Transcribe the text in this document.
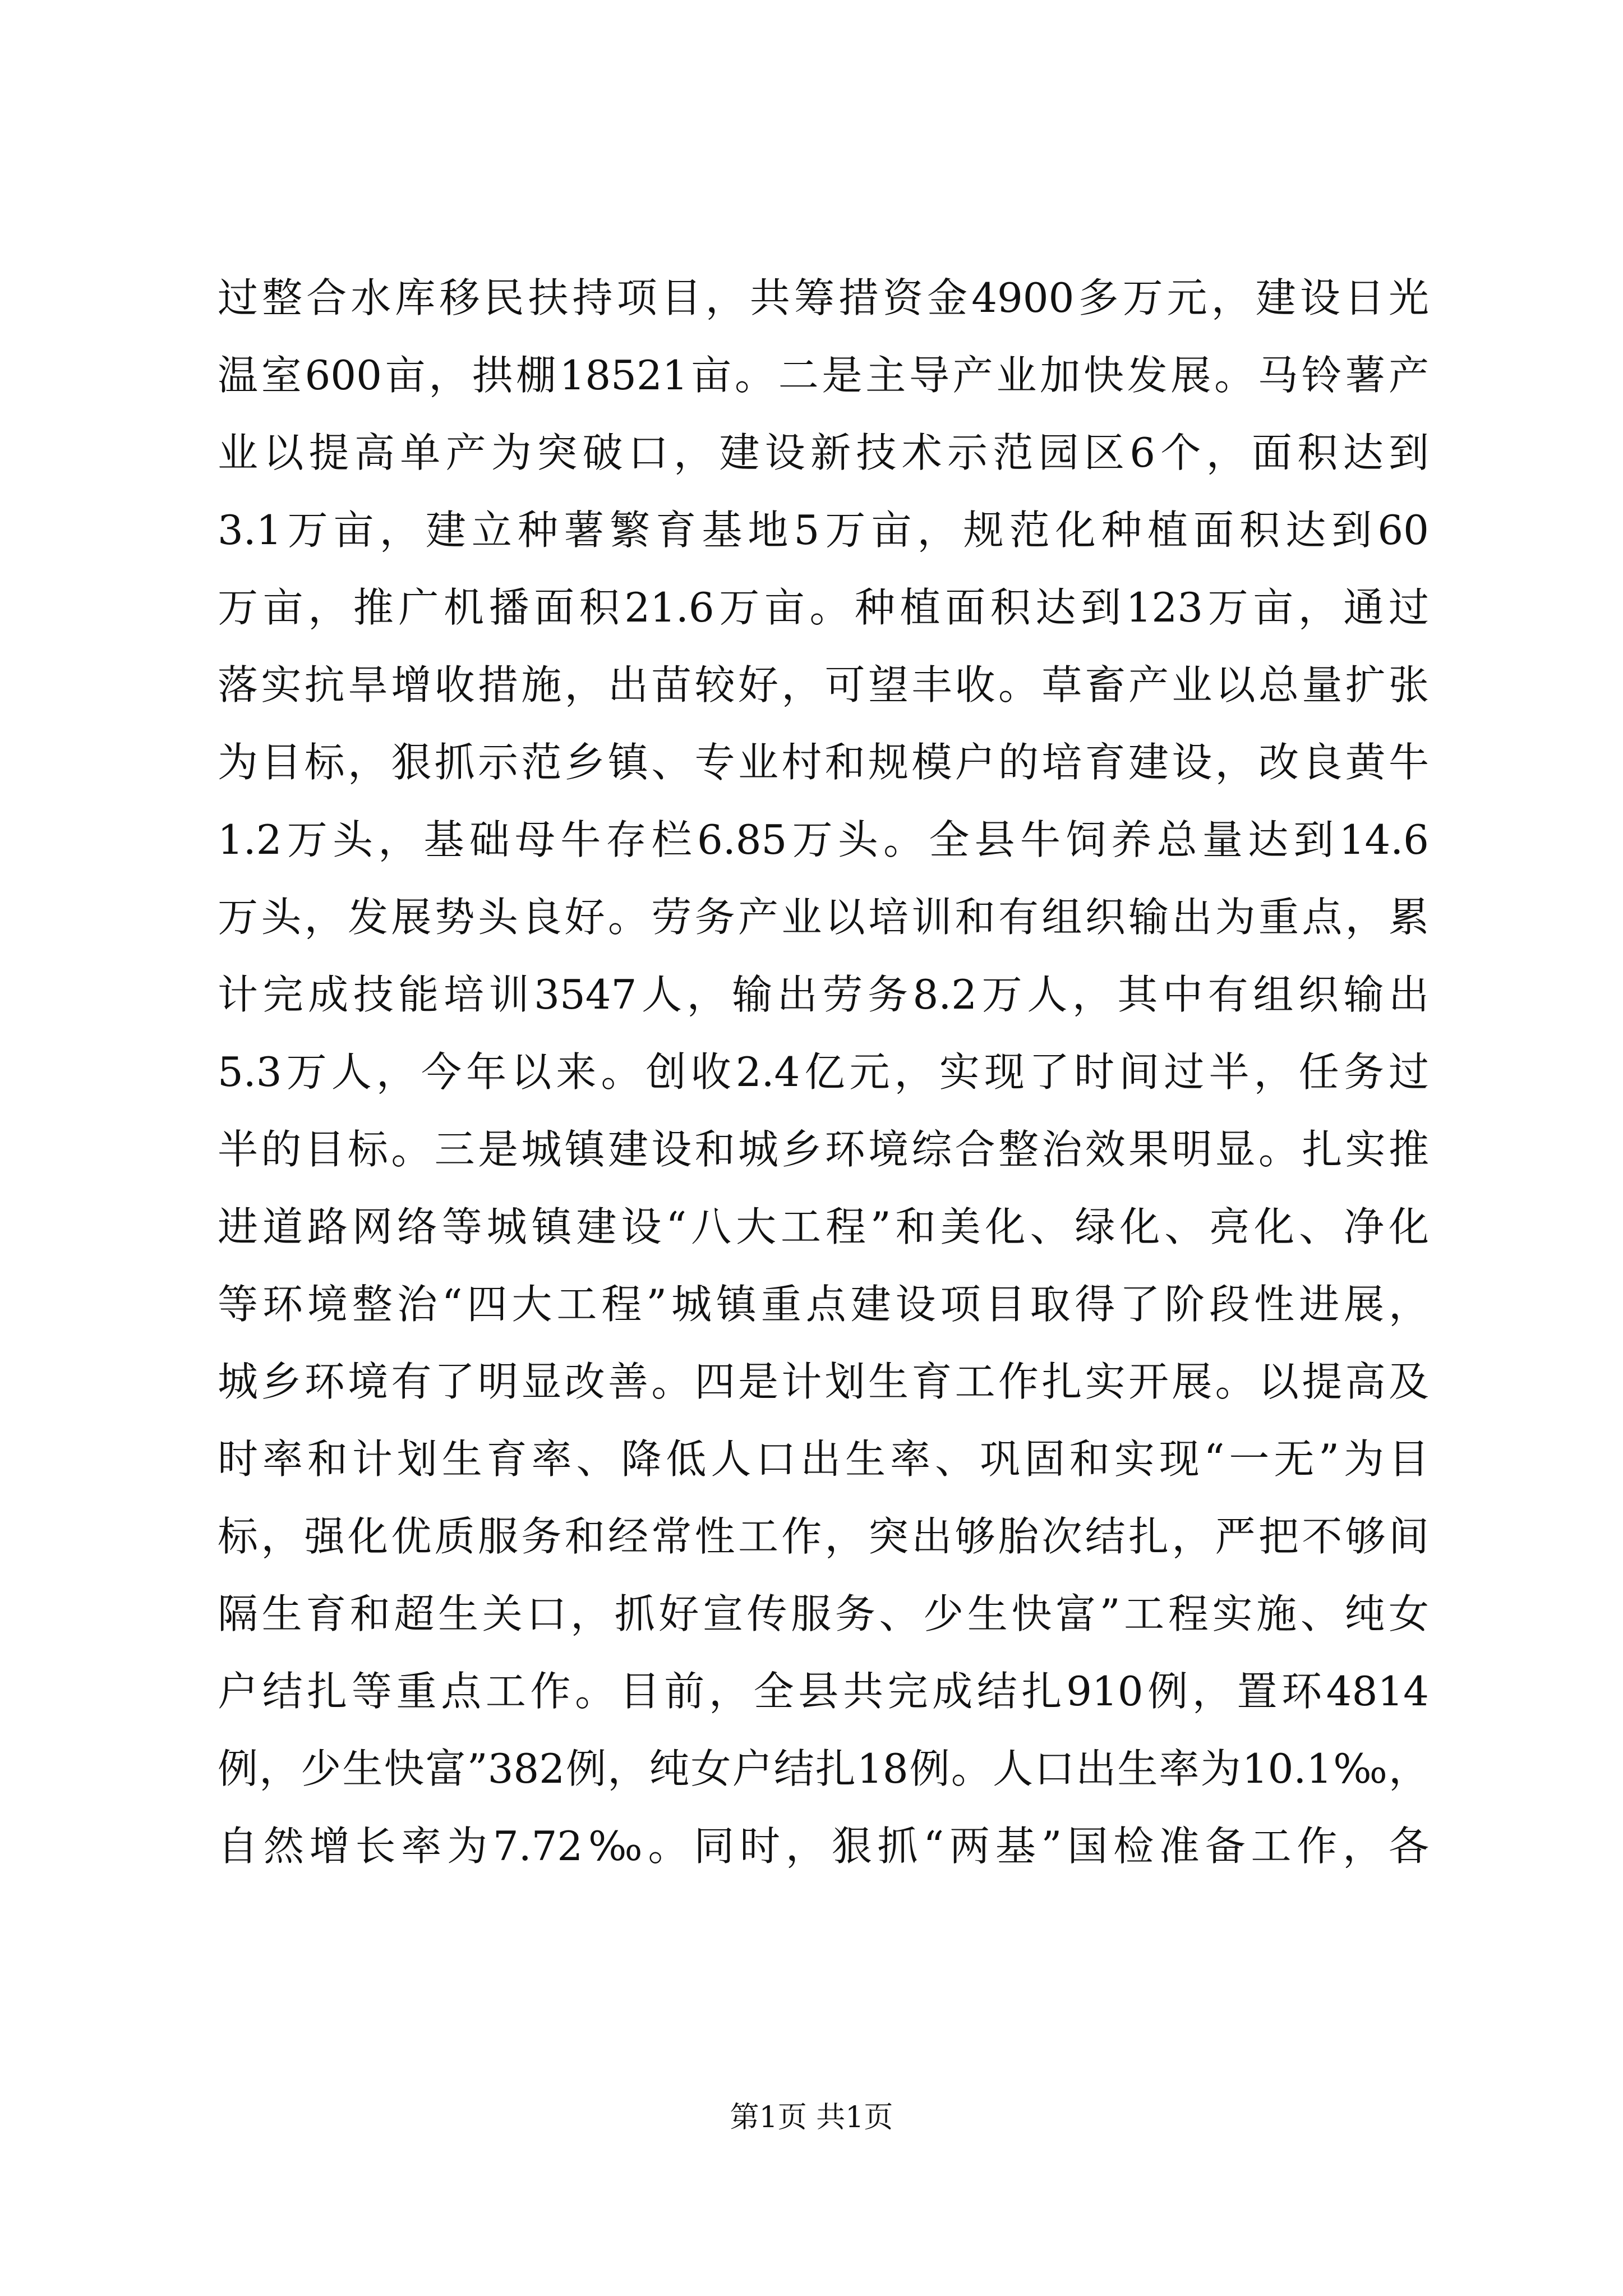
过整合水库移民扶持项目，共筹措资金4900多万元，建设日光
温室600亩，拱棚18521亩。二是主导产业加快发展。马铃薯产
业以提高单产为突破口，建设新技术示范园区6个，面积达到
3.1万亩，建立种薯繁育基地5万亩，规范化种植面积达到60
万亩，推广机播面积21.6万亩。种植面积达到123万亩，通过
落实抗旱增收措施，出苗较好，可望丰收。草畜产业以总量扩张
为目标，狠抓示范乡镇、专业村和规模户的培育建设，改良黄牛
1.2万头，基础母牛存栏6.85万头。全县牛饲养总量达到14.6
万头，发展势头良好。劳务产业以培训和有组织输出为重点，累
计完成技能培训3547人，输出劳务8.2万人，其中有组织输出
5.3万人，今年以来。创收2.4亿元，实现了时间过半，任务过
半的目标。三是城镇建设和城乡环境综合整治效果明显。扎实推
进道路网络等城镇建设“八大工程”和美化、绿化、亮化、净化
等环境整治“四大工程”城镇重点建设项目取得了阶段性进展，
城乡环境有了明显改善。四是计划生育工作扎实开展。以提高及
时率和计划生育率、降低人口出生率、巩固和实现“一无”为目
标，强化优质服务和经常性工作，突出够胎次结扎，严把不够间
隔生育和超生关口，抓好宣传服务、少生快富”工程实施、纯女
户结扎等重点工作。目前，全县共完成结扎910例，置环4814
例，少生快富”382例，纯女户结扎18例。人口出生率为10.1‰，
自然增长率为7.72‰。同时，狠抓“两基”国检准备工作，各
第1页 共1页
